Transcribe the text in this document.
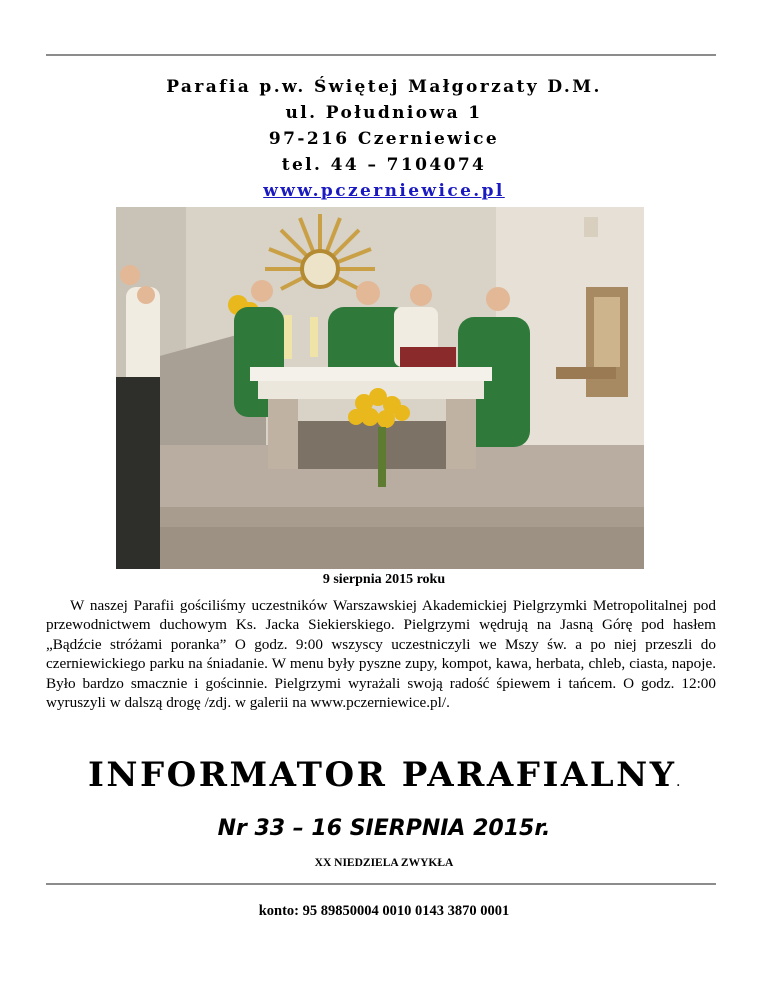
Parafia p.w. Świętej Małgorzaty D.M.
ul. Południowa 1
97-216 Czerniewice
tel. 44 – 7104074
www.pczerniewice.pl
9 sierpnia 2015 roku

W naszej Parafii gościliśmy uczestników Warszawskiej Akademickiej Pielgrzymki Metropolitalnej pod przewodnictwem duchowym Ks. Jacka Siekierskiego. Pielgrzymi wędrują na Jasną Górę pod hasłem „Bądźcie stróżami poranka” O godz. 9:00 wszyscy uczestniczyli we Mszy św. a po niej przeszli do czerniewickiego parku na śniadanie. W menu były pyszne zupy, kompot, kawa, herbata, chleb, ciasta, napoje. Było bardzo smacznie i gościnnie. Pielgrzymi wyrażali swoją radość śpiewem i tańcem. O godz. 12:00 wyruszyli w dalszą drogę /zdj. w galerii na www.pczerniewice.pl/.

INFORMATOR PARAFIALNY.
Nr 33 – 16 SIERPNIA 2015r.
XX NIEDZIELA ZWYKŁA
konto: 95 89850004 0010 0143 3870 0001
